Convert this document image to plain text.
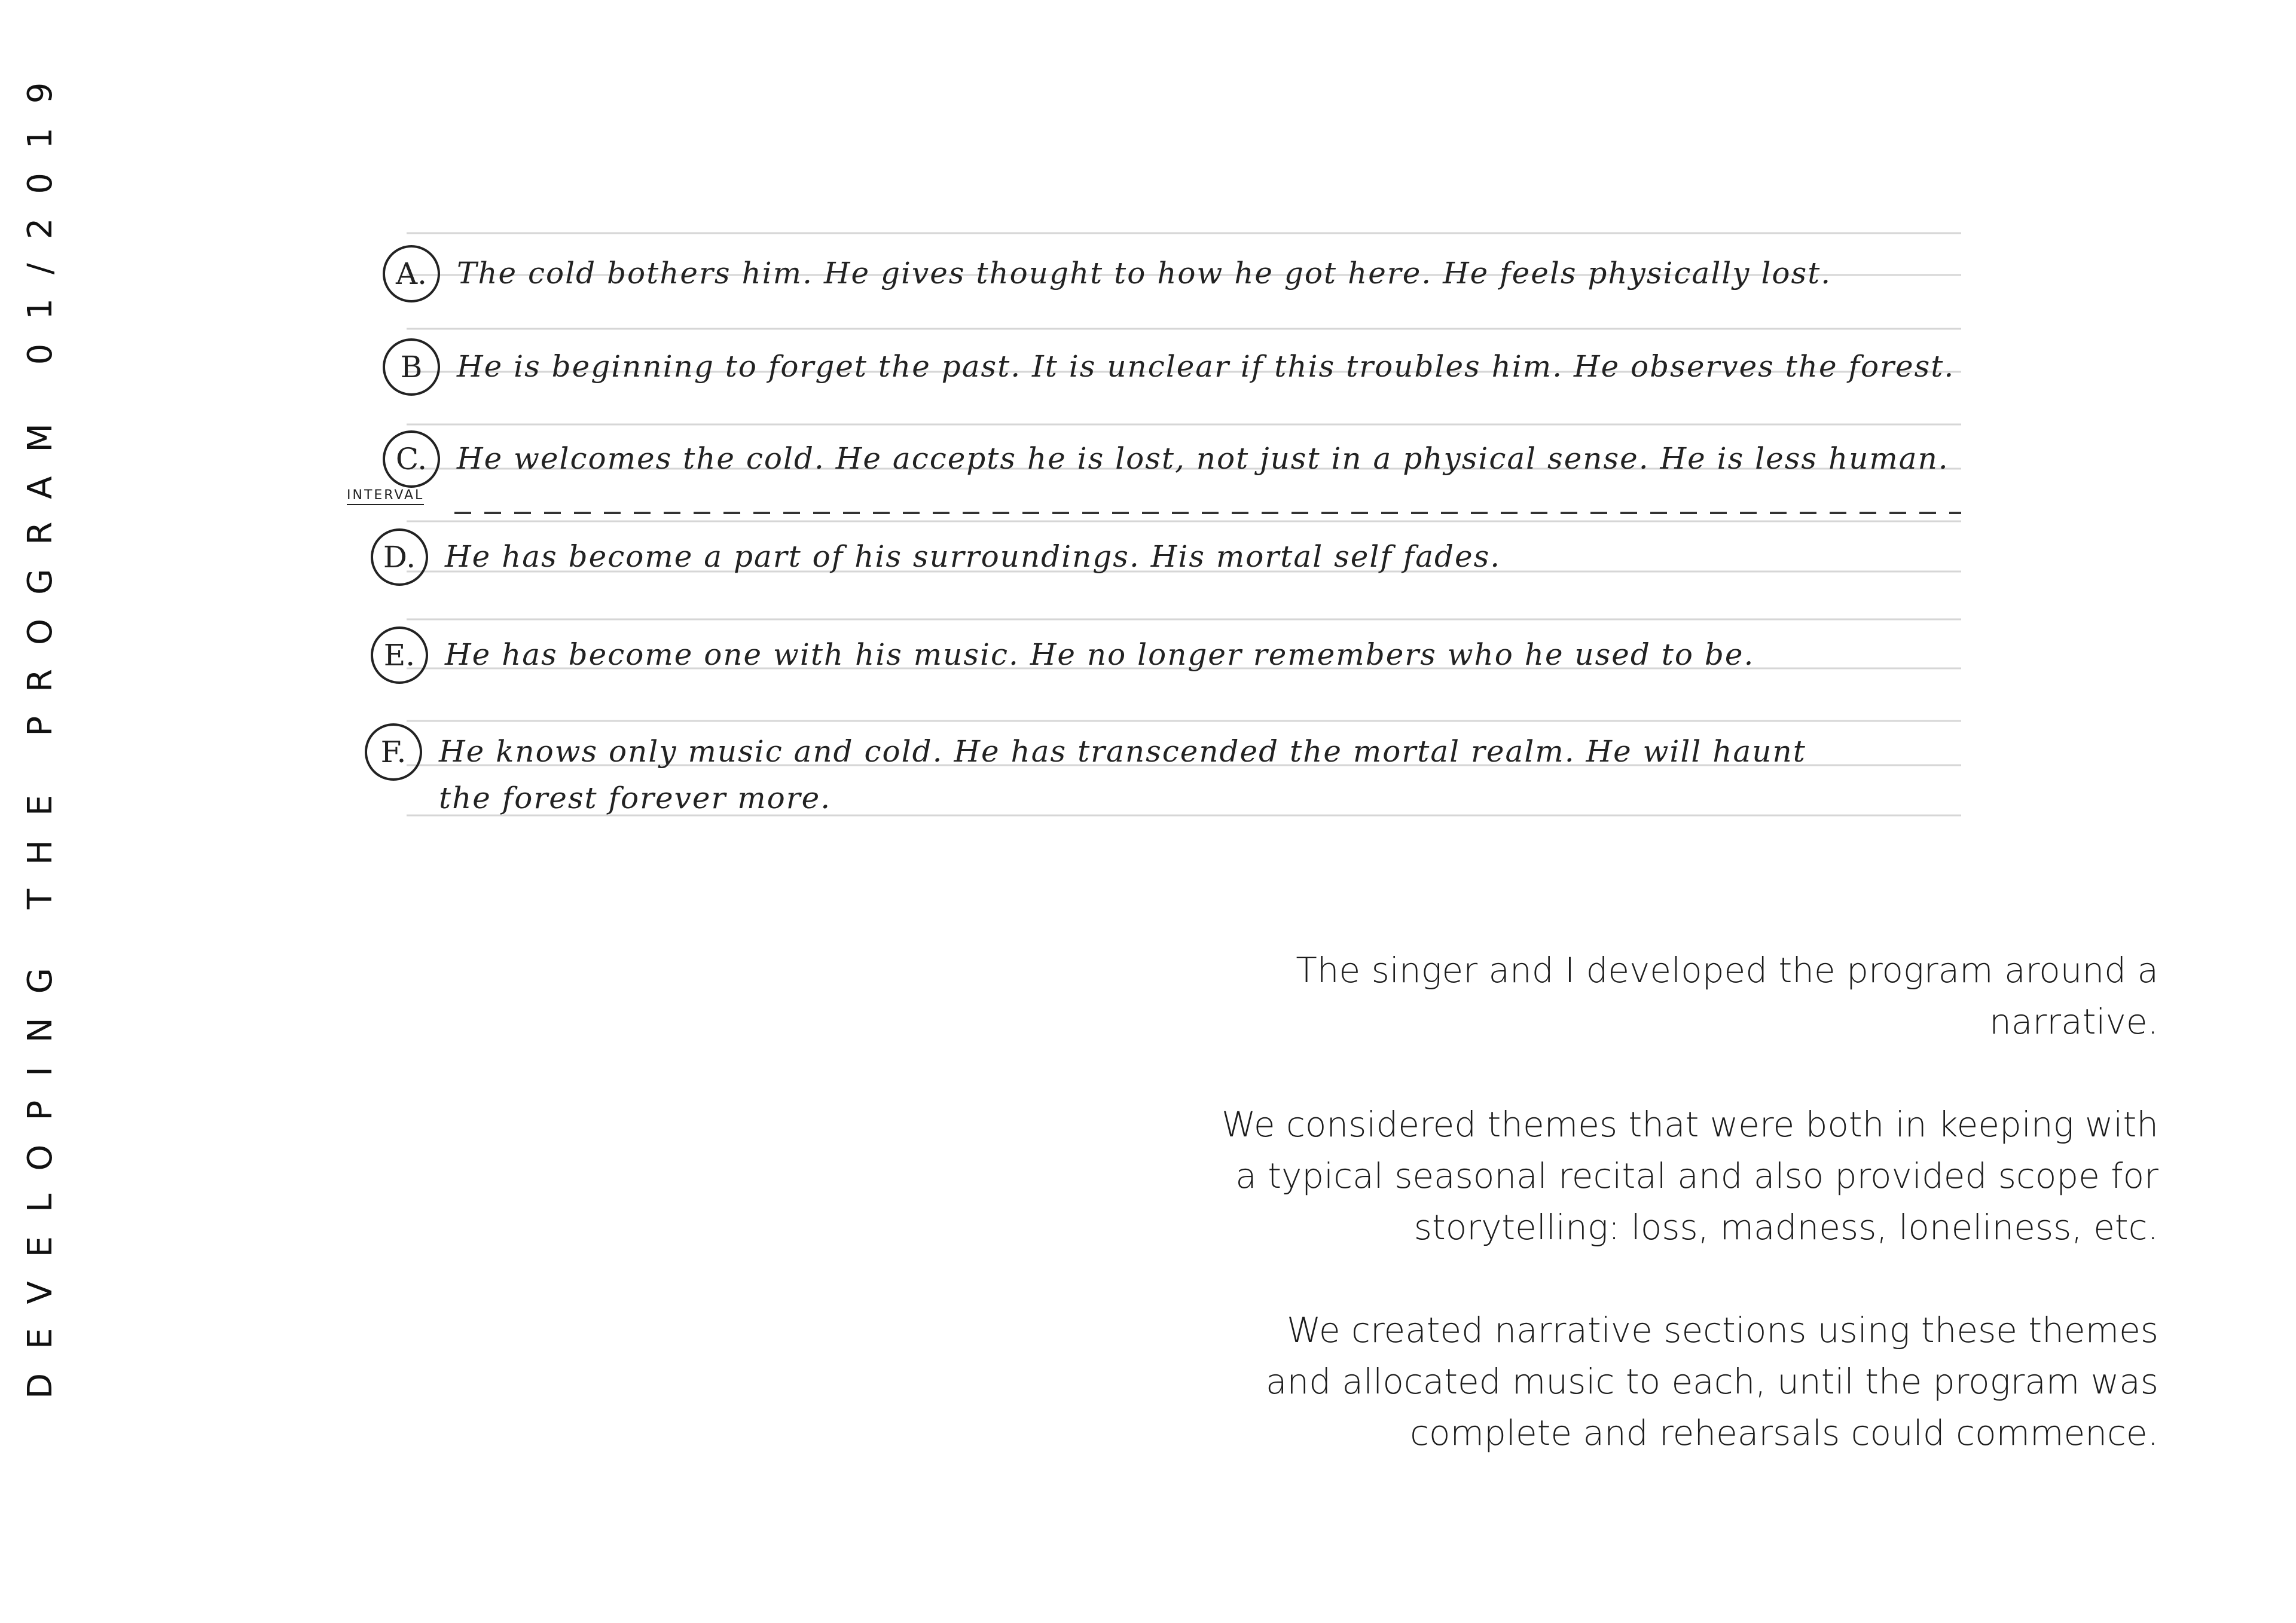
DEVELOPING THE PROGRAM 01/2019	INTERVAL
A.	The cold bothers him. He gives thought to how he got here. He feels physically lost.
B	He is beginning to forget the past. It is unclear if this troubles him. He observes the forest.
C. He welcomes the cold. He accepts he is lost, not just in a physical sense. He is less human.
D. He has become a part of his surroundings. His mortal self fades.
E. He has become one with his music. He no longer remembers who he used to be.
F.	He knows only music and cold. He has transcended the mortal realm. He will haunt
the forest forever more.

The singer and I developed the program around a narrative.

We considered themes that were both in keeping with a typical seasonal recital and also provided scope for storytelling: loss, madness, loneliness, etc.

We created narrative sections using these themes and allocated music to each, until the program was complete and rehearsals could commence.
